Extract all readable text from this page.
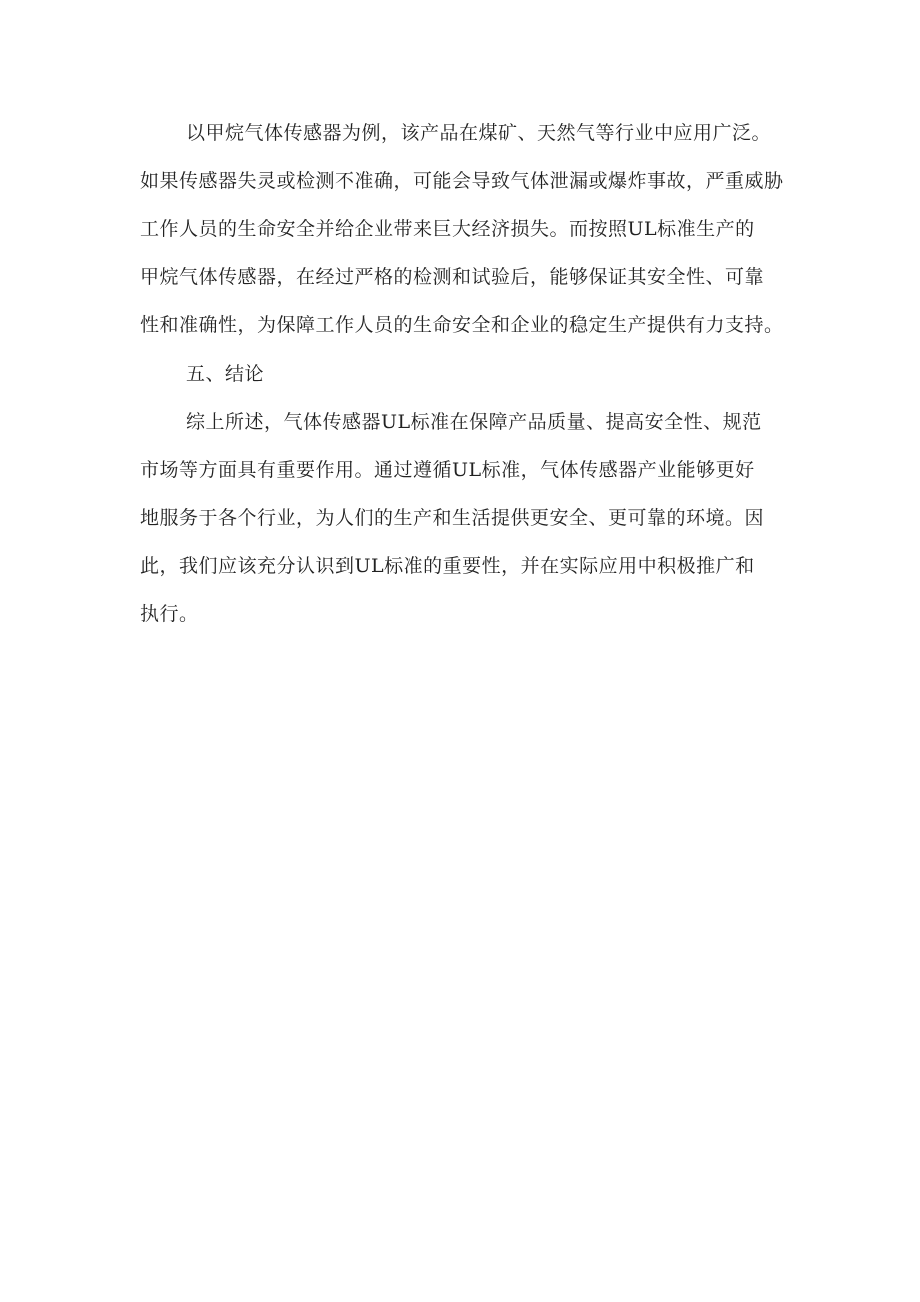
以甲烷气体传感器为例，该产品在煤矿、天然气等行业中应用广泛。
如果传感器失灵或检测不准确，可能会导致气体泄漏或爆炸事故，严重威胁
工作人员的生命安全并给企业带来巨大经济损失。而按照UL标准生产的
甲烷气体传感器，在经过严格的检测和试验后，能够保证其安全性、可靠
性和准确性，为保障工作人员的生命安全和企业的稳定生产提供有力支持。
五、结论
综上所述，气体传感器UL标准在保障产品质量、提高安全性、规范
市场等方面具有重要作用。通过遵循UL标准，气体传感器产业能够更好
地服务于各个行业，为人们的生产和生活提供更安全、更可靠的环境。因
此，我们应该充分认识到UL标准的重要性，并在实际应用中积极推广和
执行。
